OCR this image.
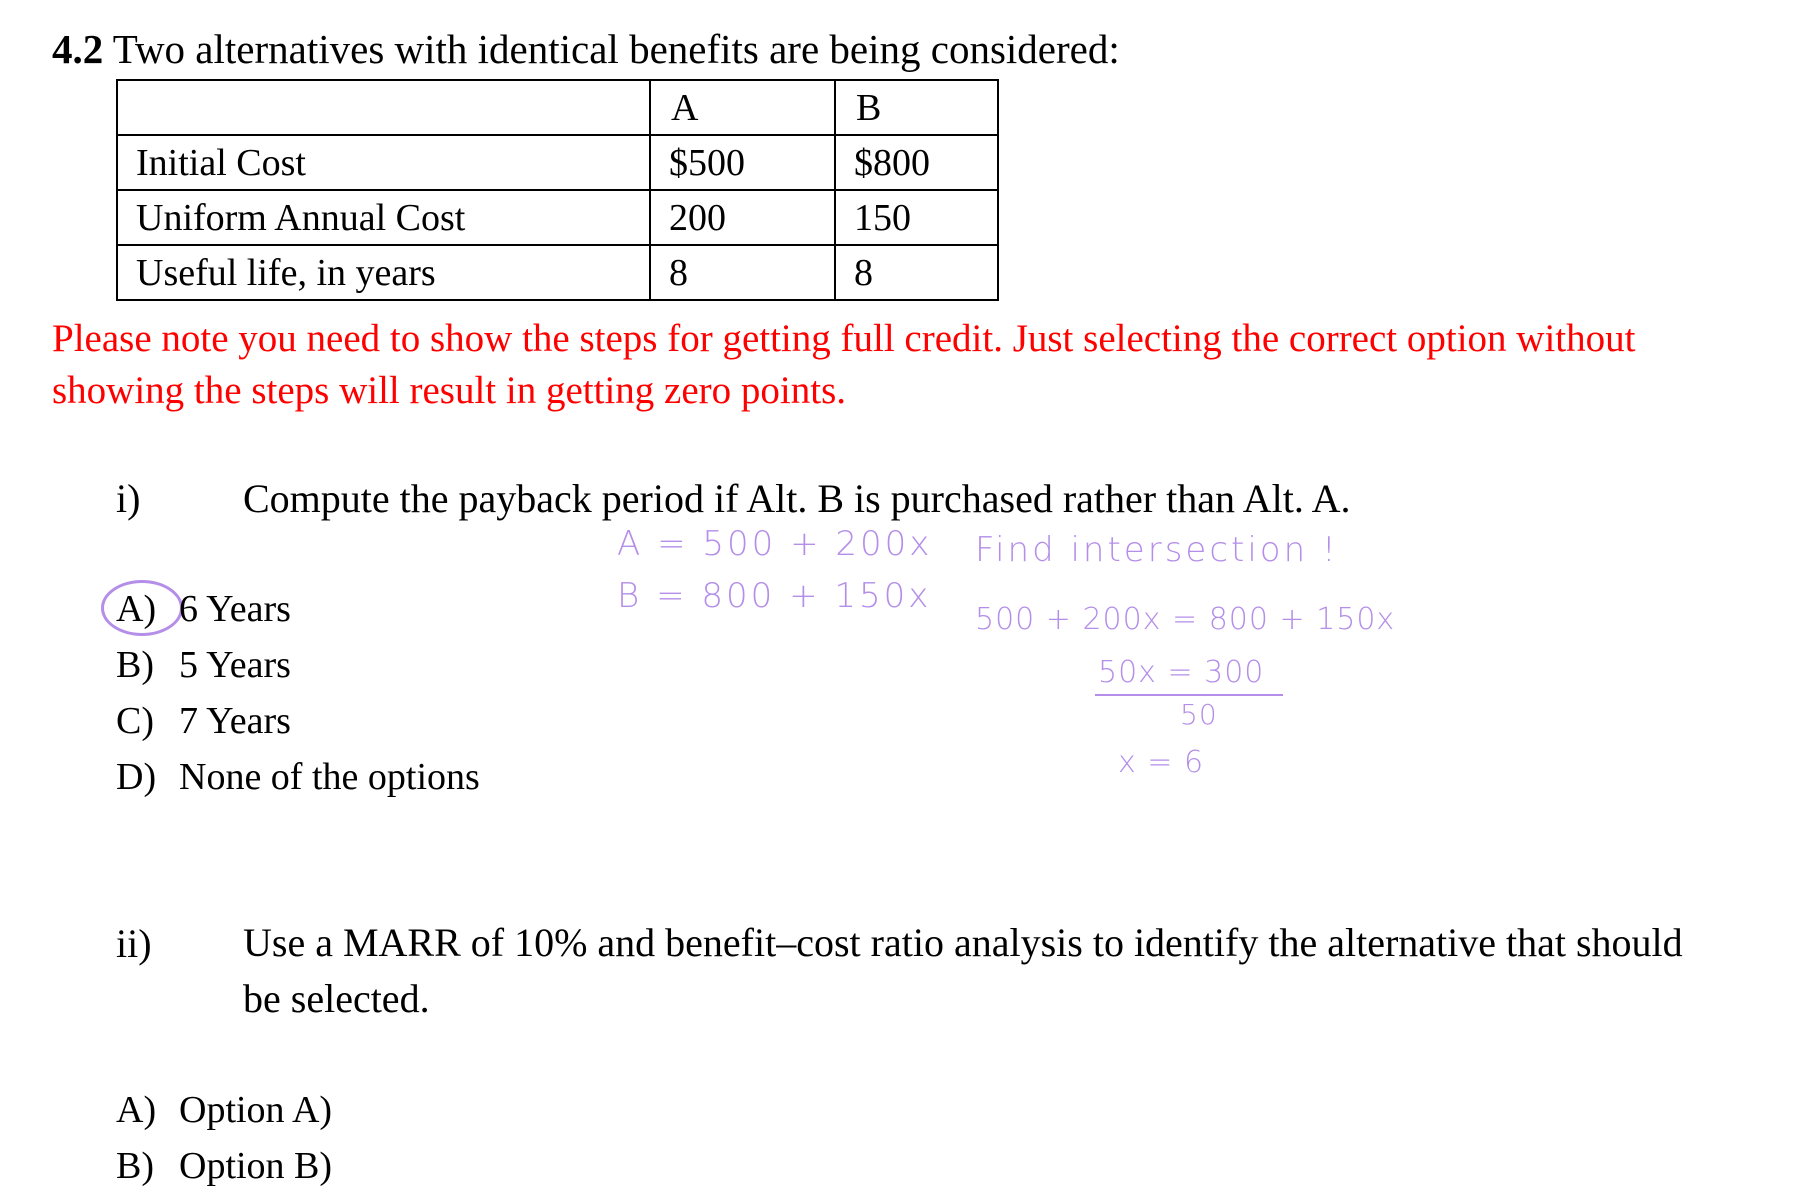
4.2 Two alternatives with identical benefits are being considered:
	A	B
Initial Cost	$500	$800
Uniform Annual Cost	200	150
Useful life, in years	8	8
Please note you need to show the steps for getting full credit. Just selecting the correct option without showing the steps will result in getting zero points.
i)	Compute the payback period if Alt. B is purchased rather than Alt. A.
A) 6 Years
B) 5 Years
C) 7 Years
D) None of the options
A = 500 + 200x
B = 800 + 150x
Find intersection !
500 + 200x = 800 + 150x
50x = 300
50
x = 6
ii) Use a MARR of 10% and benefit–cost ratio analysis to identify the alternative that should be selected.
A) Option A)
B) Option B)
